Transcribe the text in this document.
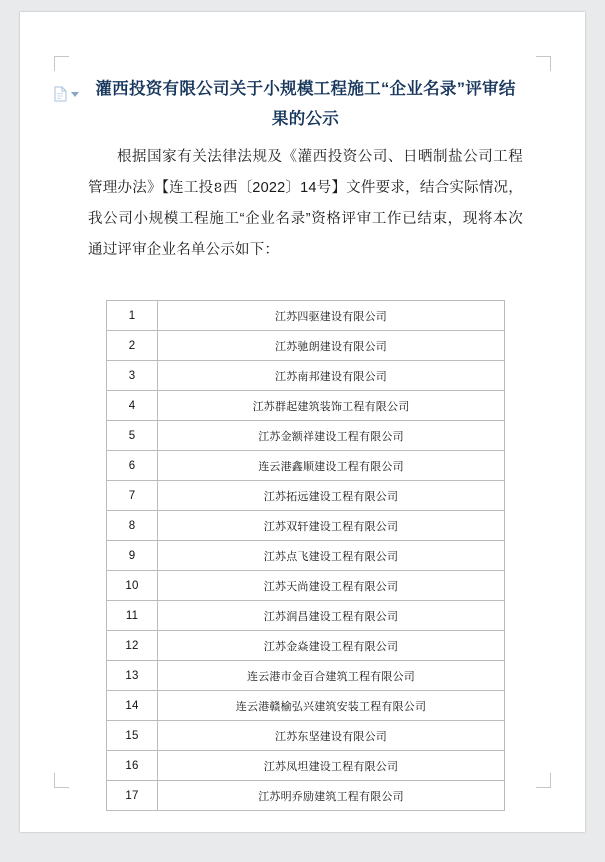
灌西投资有限公司关于小规模工程施工“企业名录”评审结果的公示

根据国家有关法律法规及《灌西投资公司、日晒制盐公司工程管理办法》【连工投ខ西〔2022〕14号】文件要求，结合实际情况，我公司小规模工程施工“企业名录”资格评审工作已结束，现将本次通过评审企业名单公示如下：

1	江苏四驱建设有限公司
2	江苏驰朗建设有限公司
3	江苏南邦建设有限公司
4	江苏群起建筑装饰工程有限公司
5	江苏金额祥建设工程有限公司
6	连云港鑫顺建设工程有限公司
7	江苏拓远建设工程有限公司
8	江苏双轩建设工程有限公司
9	江苏点飞建设工程有限公司
10	江苏天尚建设工程有限公司
11	江苏润昌建设工程有限公司
12	江苏金焱建设工程有限公司
13	连云港市金百合建筑工程有限公司
14	连云港赣榆弘兴建筑安装工程有限公司
15	江苏东坚建设有限公司
16	江苏凤坦建设工程有限公司
17	江苏明乔励建筑工程有限公司
